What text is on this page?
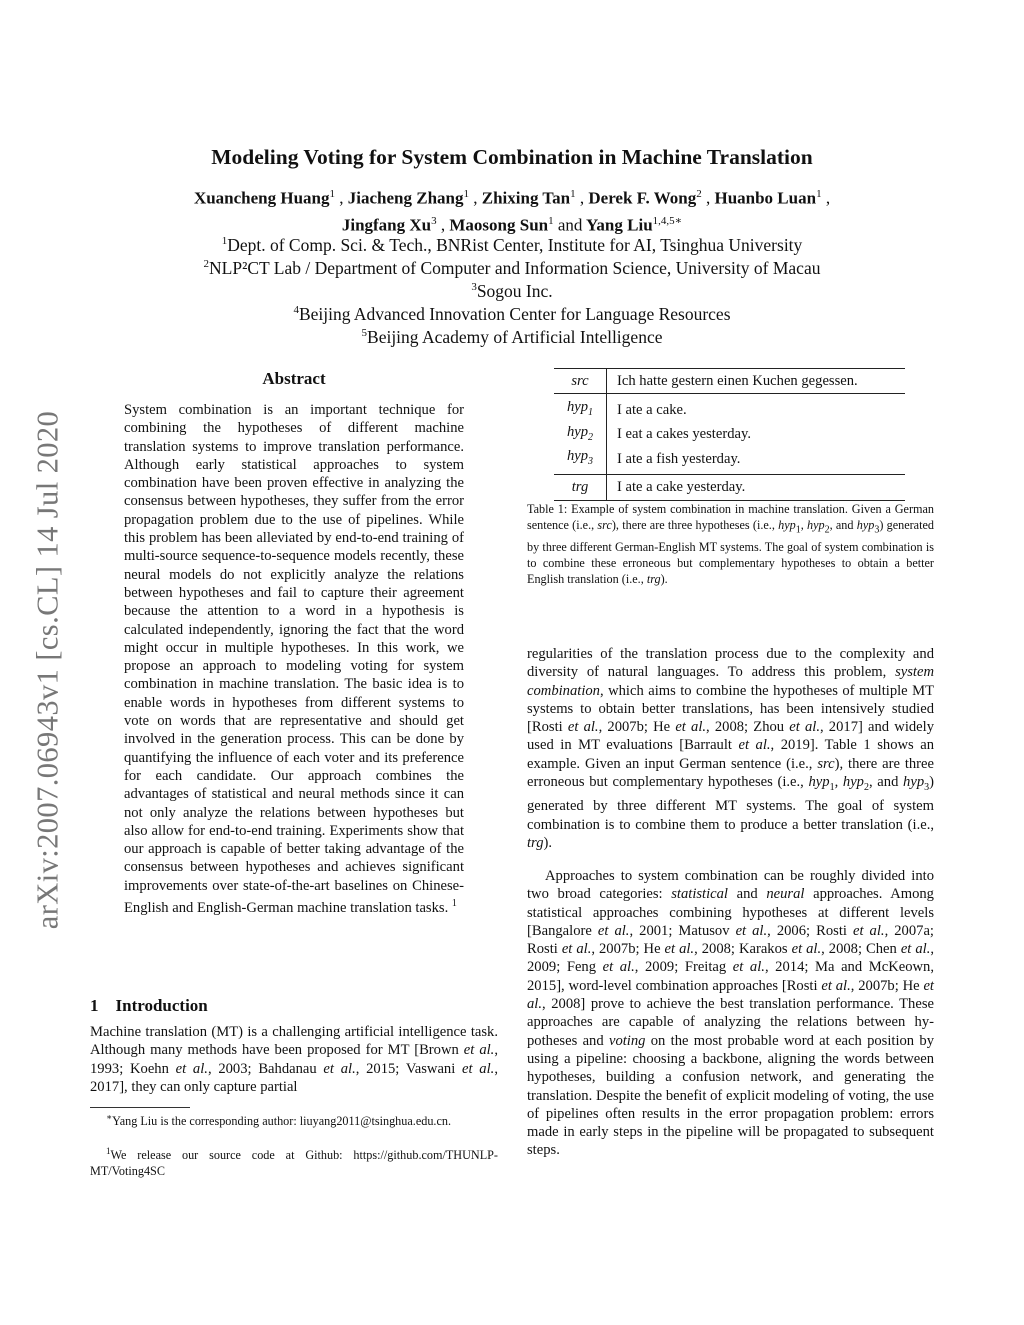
arXiv:2007.06943v1 [cs.CL] 14 Jul 2020
Modeling Voting for System Combination in Machine Translation
Xuancheng Huang$^1$ , Jiacheng Zhang$^1$ , Zhixing Tan$^1$ , Derek F. Wong$^2$ , Huanbo Luan$^1$ ,
Jingfang Xu$^3$ , Maosong Sun$^1$ and Yang Liu$^{1,4,5∗}$
$^1$Dept. of Comp. Sci. & Tech., BNRist Center, Institute for AI, Tsinghua University
$^2$NLP²CT Lab / Department of Computer and Information Science, University of Macau
$^3$Sogou Inc.
$^4$Beijing Advanced Innovation Center for Language Resources
$^5$Beijing Academy of Artificial Intelligence
Abstract
System combination is an important technique for combining the hypotheses of different machine translation systems to improve translation performance. Although early statistical approaches to system combination have been proven effective in analyzing the consensus between hypotheses, they suffer from the error propagation problem due to the use of pipelines. While this problem has been alleviated by end-to-end training of multi-source sequence-to-sequence models recently, these neural models do not explicitly analyze the relations between hypotheses and fail to capture their agreement because the attention to a word in a hypothesis is calculated independently, ignoring the fact that the word might occur in multiple hypotheses. In this work, we propose an approach to modeling voting for system combination in machine translation. The basic idea is to enable words in hypotheses from different systems to vote on words that are representative and should get involved in the generation process. This can be done by quantifying the influence of each voter and its preference for each candidate. Our approach combines the advantages of statistical and neural methods since it can not only analyze the relations between hypotheses but also allow for end-to-end training. Experiments show that our approach is capable of better taking advantage of the consensus between hypotheses and achieves significant improvements over state-of-the-art baselines on Chinese-English and English-German machine translation tasks. $^1$
1 Introduction
Machine translation (MT) is a challenging artificial intelligence task. Although many methods have been proposed for MT [Brown et al., 1993; Koehn et al., 2003; Bahdanau et al., 2015; Vaswani et al., 2017], they can only capture partial
∗Yang Liu is the corresponding author: liuyang2011@tsinghua.edu.cn.
$^1$We release our source code at Github: https://github.com/THUNLP-MT/Voting4SC
src	Ich hatte gestern einen Kuchen gegessen.
hyp$_1$	I ate a cake.
hyp$_2$	I eat a cakes yesterday.
hyp$_3$	I ate a fish yesterday.
trg	I ate a cake yesterday.
Table 1: Example of system combination in machine translation. Given a German sentence (i.e., src), there are three hypotheses (i.e., hyp$_1$, hyp$_2$, and hyp$_3$) generated by three different German-English MT systems. The goal of system combination is to combine these erroneous but complementary hypotheses to obtain a better English translation (i.e., trg).
regularities of the translation process due to the complexity and diversity of natural languages. To address this problem, system combination, which aims to combine the hypotheses of multiple MT systems to obtain better translations, has been intensively studied [Rosti et al., 2007b; He et al., 2008; Zhou et al., 2017] and widely used in MT evaluations [Barrault et al., 2019]. Table 1 shows an example. Given an input German sentence (i.e., src), there are three erroneous but complementary hypotheses (i.e., hyp$_1$, hyp$_2$, and hyp$_3$) generated by three different MT systems. The goal of system combination is to combine them to produce a better translation (i.e., trg).
Approaches to system combination can be roughly divided into two broad categories: statistical and neural approaches. Among statistical approaches combining hypotheses at different levels [Bangalore et al., 2001; Matusov et al., 2006; Rosti et al., 2007a; Rosti et al., 2007b; He et al., 2008; Karakos et al., 2008; Chen et al., 2009; Feng et al., 2009; Freitag et al., 2014; Ma and McKeown, 2015], word-level combination approaches [Rosti et al., 2007b; He et al., 2008] prove to achieve the best translation performance. These approaches are capable of analyzing the relations between hypotheses and voting on the most probable word at each position by using a pipeline: choosing a backbone, aligning the words between hypotheses, building a confusion network, and generating the translation. Despite the benefit of explicit modeling of voting, the use of pipelines often results in the error propagation problem: errors made in early steps in the pipeline will be propagated to subsequent steps.
